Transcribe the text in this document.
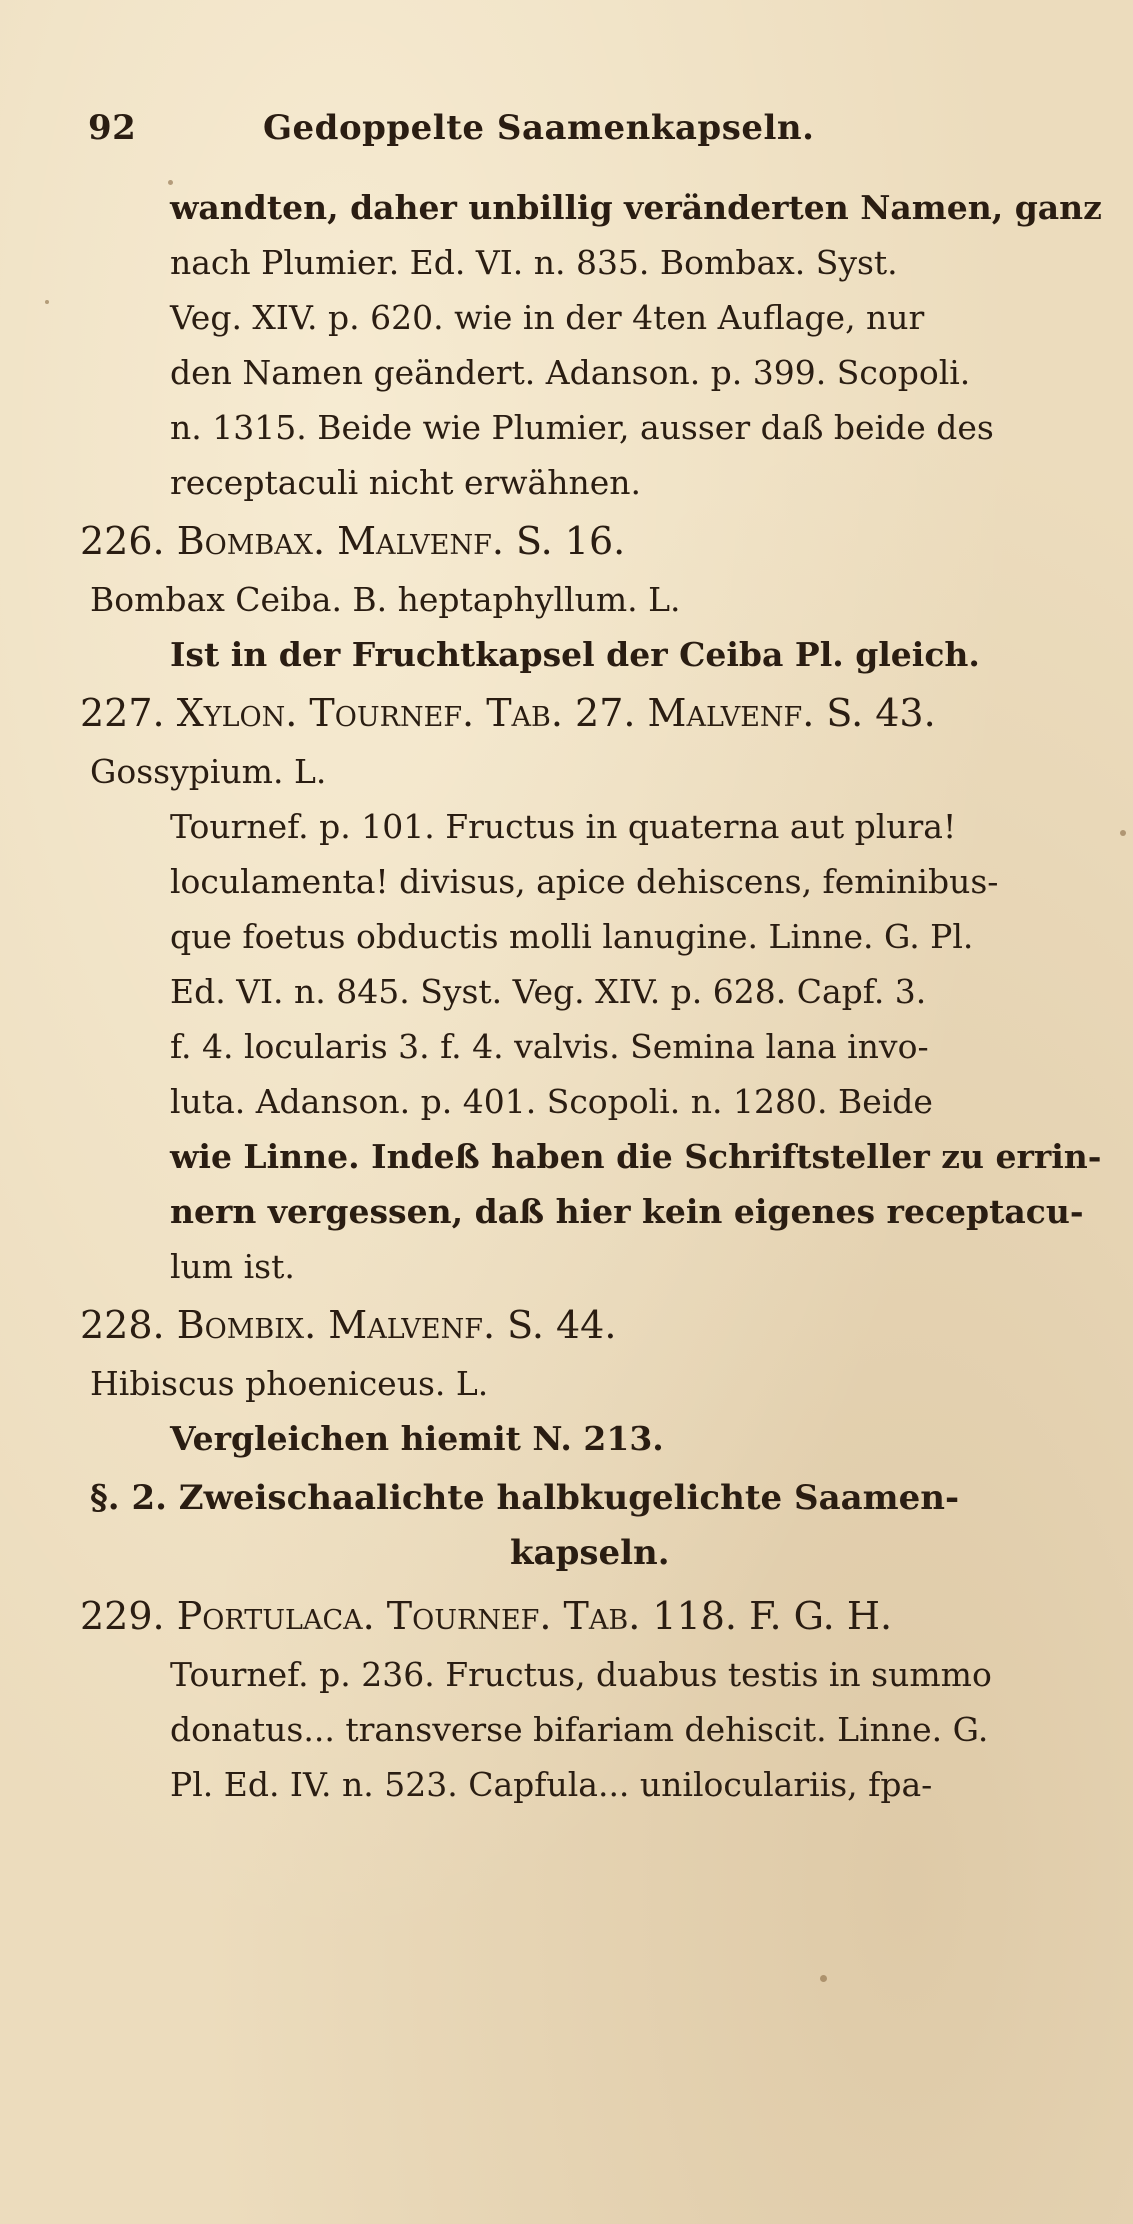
92	Gedoppelte Saamenkapseln.
wandten, daher unbillig veränderten Namen, ganz
nach Plumier. Ed. VI. n. 835. Bombax. Syst.
Veg. XIV. p. 620. wie in der 4ten Auflage, nur
den Namen geändert. Adanson. p. 399. Scopoli.
n. 1315. Beide wie Plumier, ausser daß beide des
receptaculi nicht erwähnen.
226. Bombax. Malvenf. S. 16.
Bombax Ceiba. B. heptaphyllum. L.
Ist in der Fruchtkapsel der Ceiba Pl. gleich.
227. Xylon. Tournef. Tab. 27. Malvenf. S. 43.
Gossypium. L.
Tournef. p. 101. Fructus in quaterna aut plura!
loculamenta! divisus, apice dehiscens, feminibus-
que foetus obductis molli lanugine. Linne. G. Pl.
Ed. VI. n. 845. Syst. Veg. XIV. p. 628. Capf. 3.
f. 4. locularis 3. f. 4. valvis. Semina lana invo-
luta. Adanson. p. 401. Scopoli. n. 1280. Beide
wie Linne. Indeß haben die Schriftsteller zu errin-
nern vergessen, daß hier kein eigenes receptacu-
lum ist.
228. Bombix. Malvenf. S. 44.
Hibiscus phoeniceus. L.
Vergleichen hiemit N. 213.
§. 2. Zweischaalichte halbkugelichte Saamen-
kapseln.
229. Portulaca. Tournef. Tab. 118. F. G. H.
Tournef. p. 236. Fructus, duabus testis in summo
donatus... transverse bifariam dehiscit. Linne. G.
Pl. Ed. IV. n. 523. Capfula... uniloculariis, fpa-
